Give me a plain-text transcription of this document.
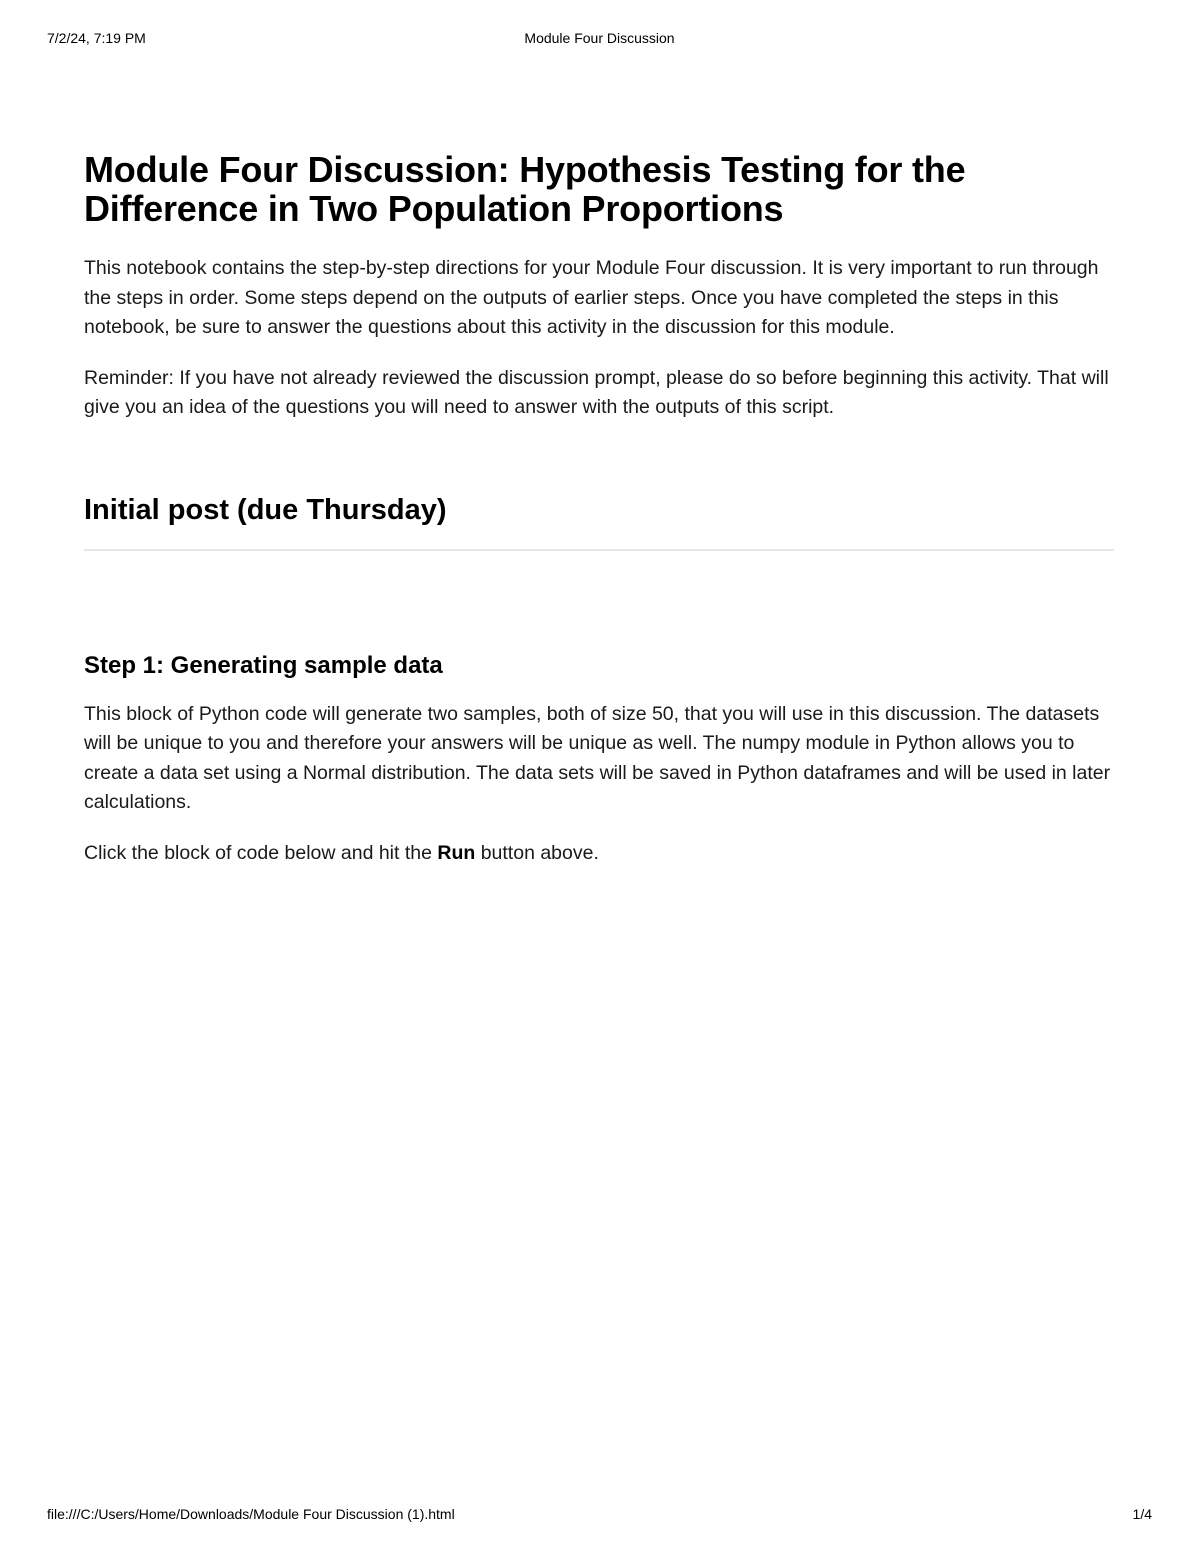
7/2/24, 7:19 PM	Module Four Discussion
Module Four Discussion: Hypothesis Testing for the Difference in Two Population Proportions

This notebook contains the step-by-step directions for your Module Four discussion. It is very important to run through the steps in order. Some steps depend on the outputs of earlier steps. Once you have completed the steps in this notebook, be sure to answer the questions about this activity in the discussion for this module.

Reminder: If you have not already reviewed the discussion prompt, please do so before beginning this activity. That will give you an idea of the questions you will need to answer with the outputs of this script.

Initial post (due Thursday)
Step 1: Generating sample data

This block of Python code will generate two samples, both of size 50, that you will use in this discussion. The datasets will be unique to you and therefore your answers will be unique as well. The numpy module in Python allows you to create a data set using a Normal distribution. The data sets will be saved in Python dataframes and will be used in later calculations.

Click the block of code below and hit the Run button above.

file:///C:/Users/Home/Downloads/Module Four Discussion (1).html	1/4
